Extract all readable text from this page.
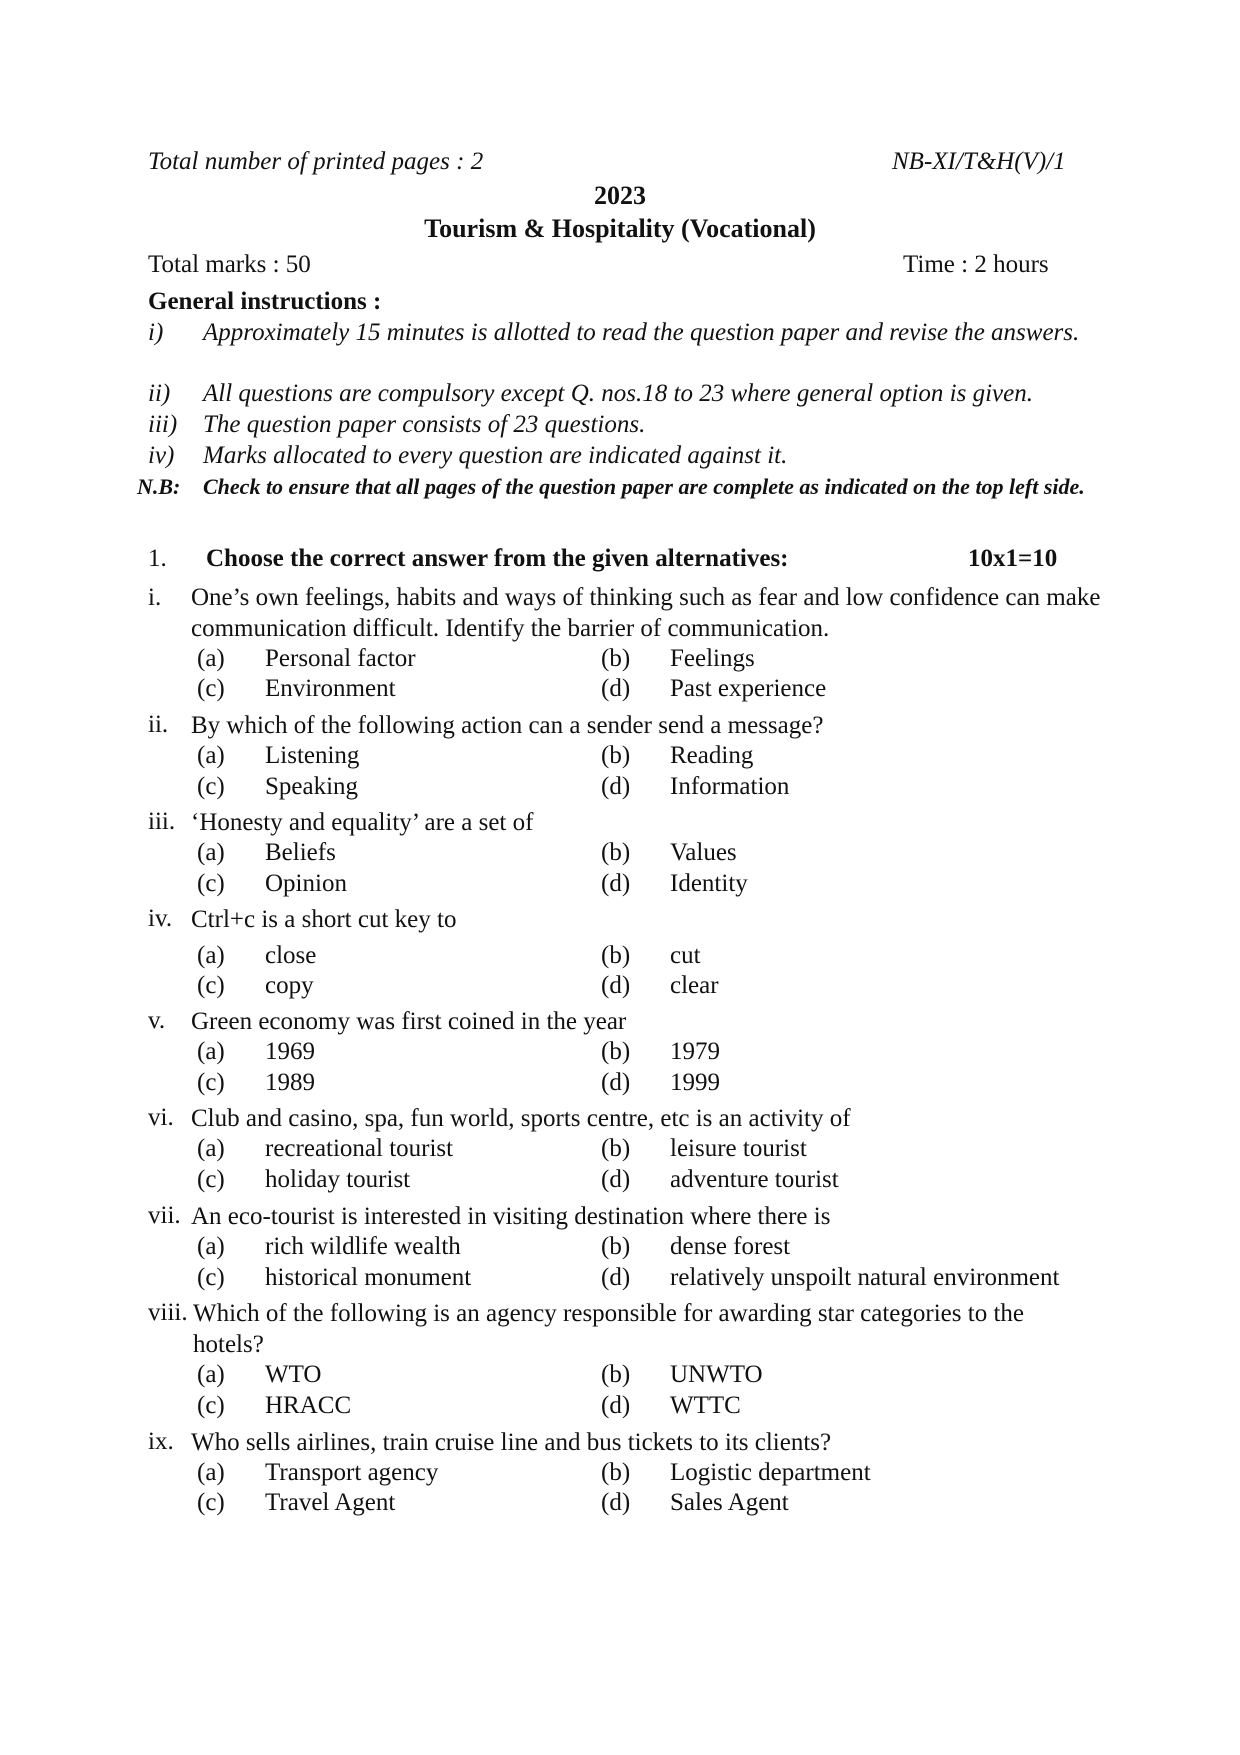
Total number of printed pages : 2	NB-XI/T&H(V)/1
2023
Tourism & Hospitality (Vocational)
Total marks : 50	Time : 2 hours
General instructions :
i) Approximately 15 minutes is allotted to read the question paper and revise the answers.
ii) All questions are compulsory except Q. nos.18 to 23 where general option is given.
iii) The question paper consists of 23 questions.
iv) Marks allocated to every question are indicated against it.
N.B: Check to ensure that all pages of the question paper are complete as indicated on the top left side.
1. Choose the correct answer from the given alternatives:	10x1=10
i. One’s own feelings, habits and ways of thinking such as fear and low confidence can make communication difficult. Identify the barrier of communication.
(a) Personal factor	(b) Feelings
(c) Environment	(d) Past experience
ii. By which of the following action can a sender send a message?
(a) Listening	(b) Reading
(c) Speaking	(d) Information
iii. ‘Honesty and equality’ are a set of
(a) Beliefs	(b) Values
(c) Opinion	(d) Identity
iv. Ctrl+c is a short cut key to
(a) close	(b) cut
(c) copy	(d) clear
v. Green economy was first coined in the year
(a) 1969	(b) 1979
(c) 1989	(d) 1999
vi. Club and casino, spa, fun world, sports centre, etc is an activity of
(a) recreational tourist	(b) leisure tourist
(c) holiday tourist	(d) adventure tourist
vii. An eco-tourist is interested in visiting destination where there is
(a) rich wildlife wealth	(b) dense forest
(c) historical monument	(d) relatively unspoilt natural environment
viii. Which of the following is an agency responsible for awarding star categories to the hotels?
(a) WTO	(b) UNWTO
(c) HRACC	(d) WTTC
ix. Who sells airlines, train cruise line and bus tickets to its clients?
(a) Transport agency	(b) Logistic department
(c) Travel Agent	(d) Sales Agent
